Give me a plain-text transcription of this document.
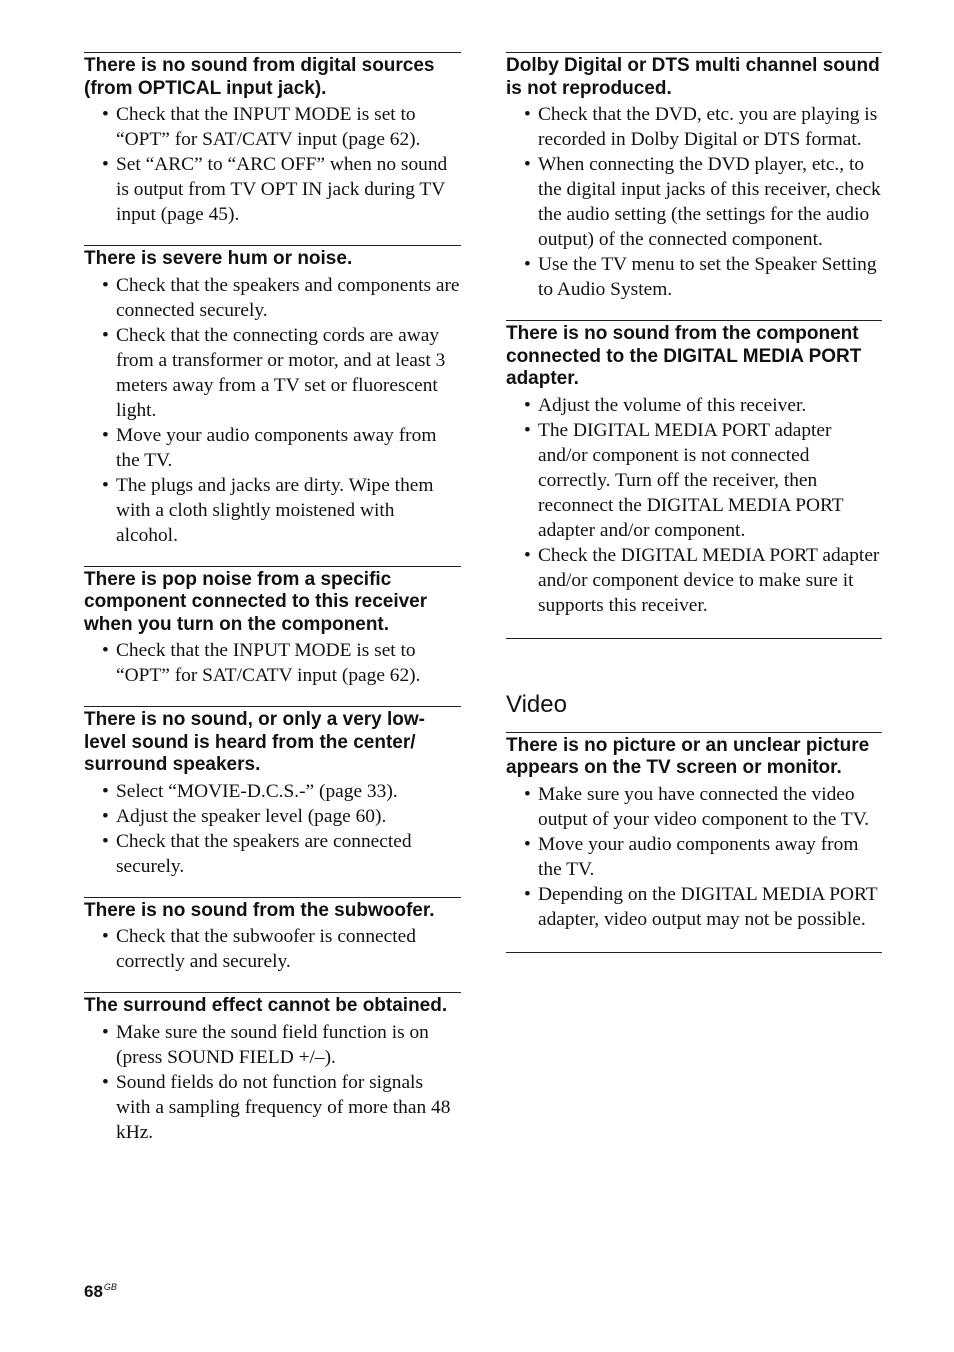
There is no sound from digital sources (from OPTICAL input jack).
• Check that the INPUT MODE is set to “OPT” for SAT/CATV input (page 62).
• Set “ARC” to “ARC OFF” when no sound is output from TV OPT IN jack during TV input (page 45).
There is severe hum or noise.
• Check that the speakers and components are connected securely.
• Check that the connecting cords are away from a transformer or motor, and at least 3 meters away from a TV set or fluorescent light.
• Move your audio components away from the TV.
• The plugs and jacks are dirty. Wipe them with a cloth slightly moistened with alcohol.
There is pop noise from a specific component connected to this receiver when you turn on the component.
• Check that the INPUT MODE is set to “OPT” for SAT/CATV input (page 62).
There is no sound, or only a very low-level sound is heard from the center/ surround speakers.
• Select “MOVIE-D.C.S.-” (page 33).
• Adjust the speaker level (page 60).
• Check that the speakers are connected securely.
There is no sound from the subwoofer.
• Check that the subwoofer is connected correctly and securely.
The surround effect cannot be obtained.
• Make sure the sound field function is on (press SOUND FIELD +/–).
• Sound fields do not function for signals with a sampling frequency of more than 48 kHz.
Dolby Digital or DTS multi channel sound is not reproduced.
• Check that the DVD, etc. you are playing is recorded in Dolby Digital or DTS format.
• When connecting the DVD player, etc., to the digital input jacks of this receiver, check the audio setting (the settings for the audio output) of the connected component.
• Use the TV menu to set the Speaker Setting to Audio System.
There is no sound from the component connected to the DIGITAL MEDIA PORT adapter.
• Adjust the volume of this receiver.
• The DIGITAL MEDIA PORT adapter and/or component is not connected correctly. Turn off the receiver, then reconnect the DIGITAL MEDIA PORT adapter and/or component.
• Check the DIGITAL MEDIA PORT adapter and/or component device to make sure it supports this receiver.
Video
There is no picture or an unclear picture appears on the TV screen or monitor.
• Make sure you have connected the video output of your video component to the TV.
• Move your audio components away from the TV.
• Depending on the DIGITAL MEDIA PORT adapter, video output may not be possible.
$68^{GB}$
